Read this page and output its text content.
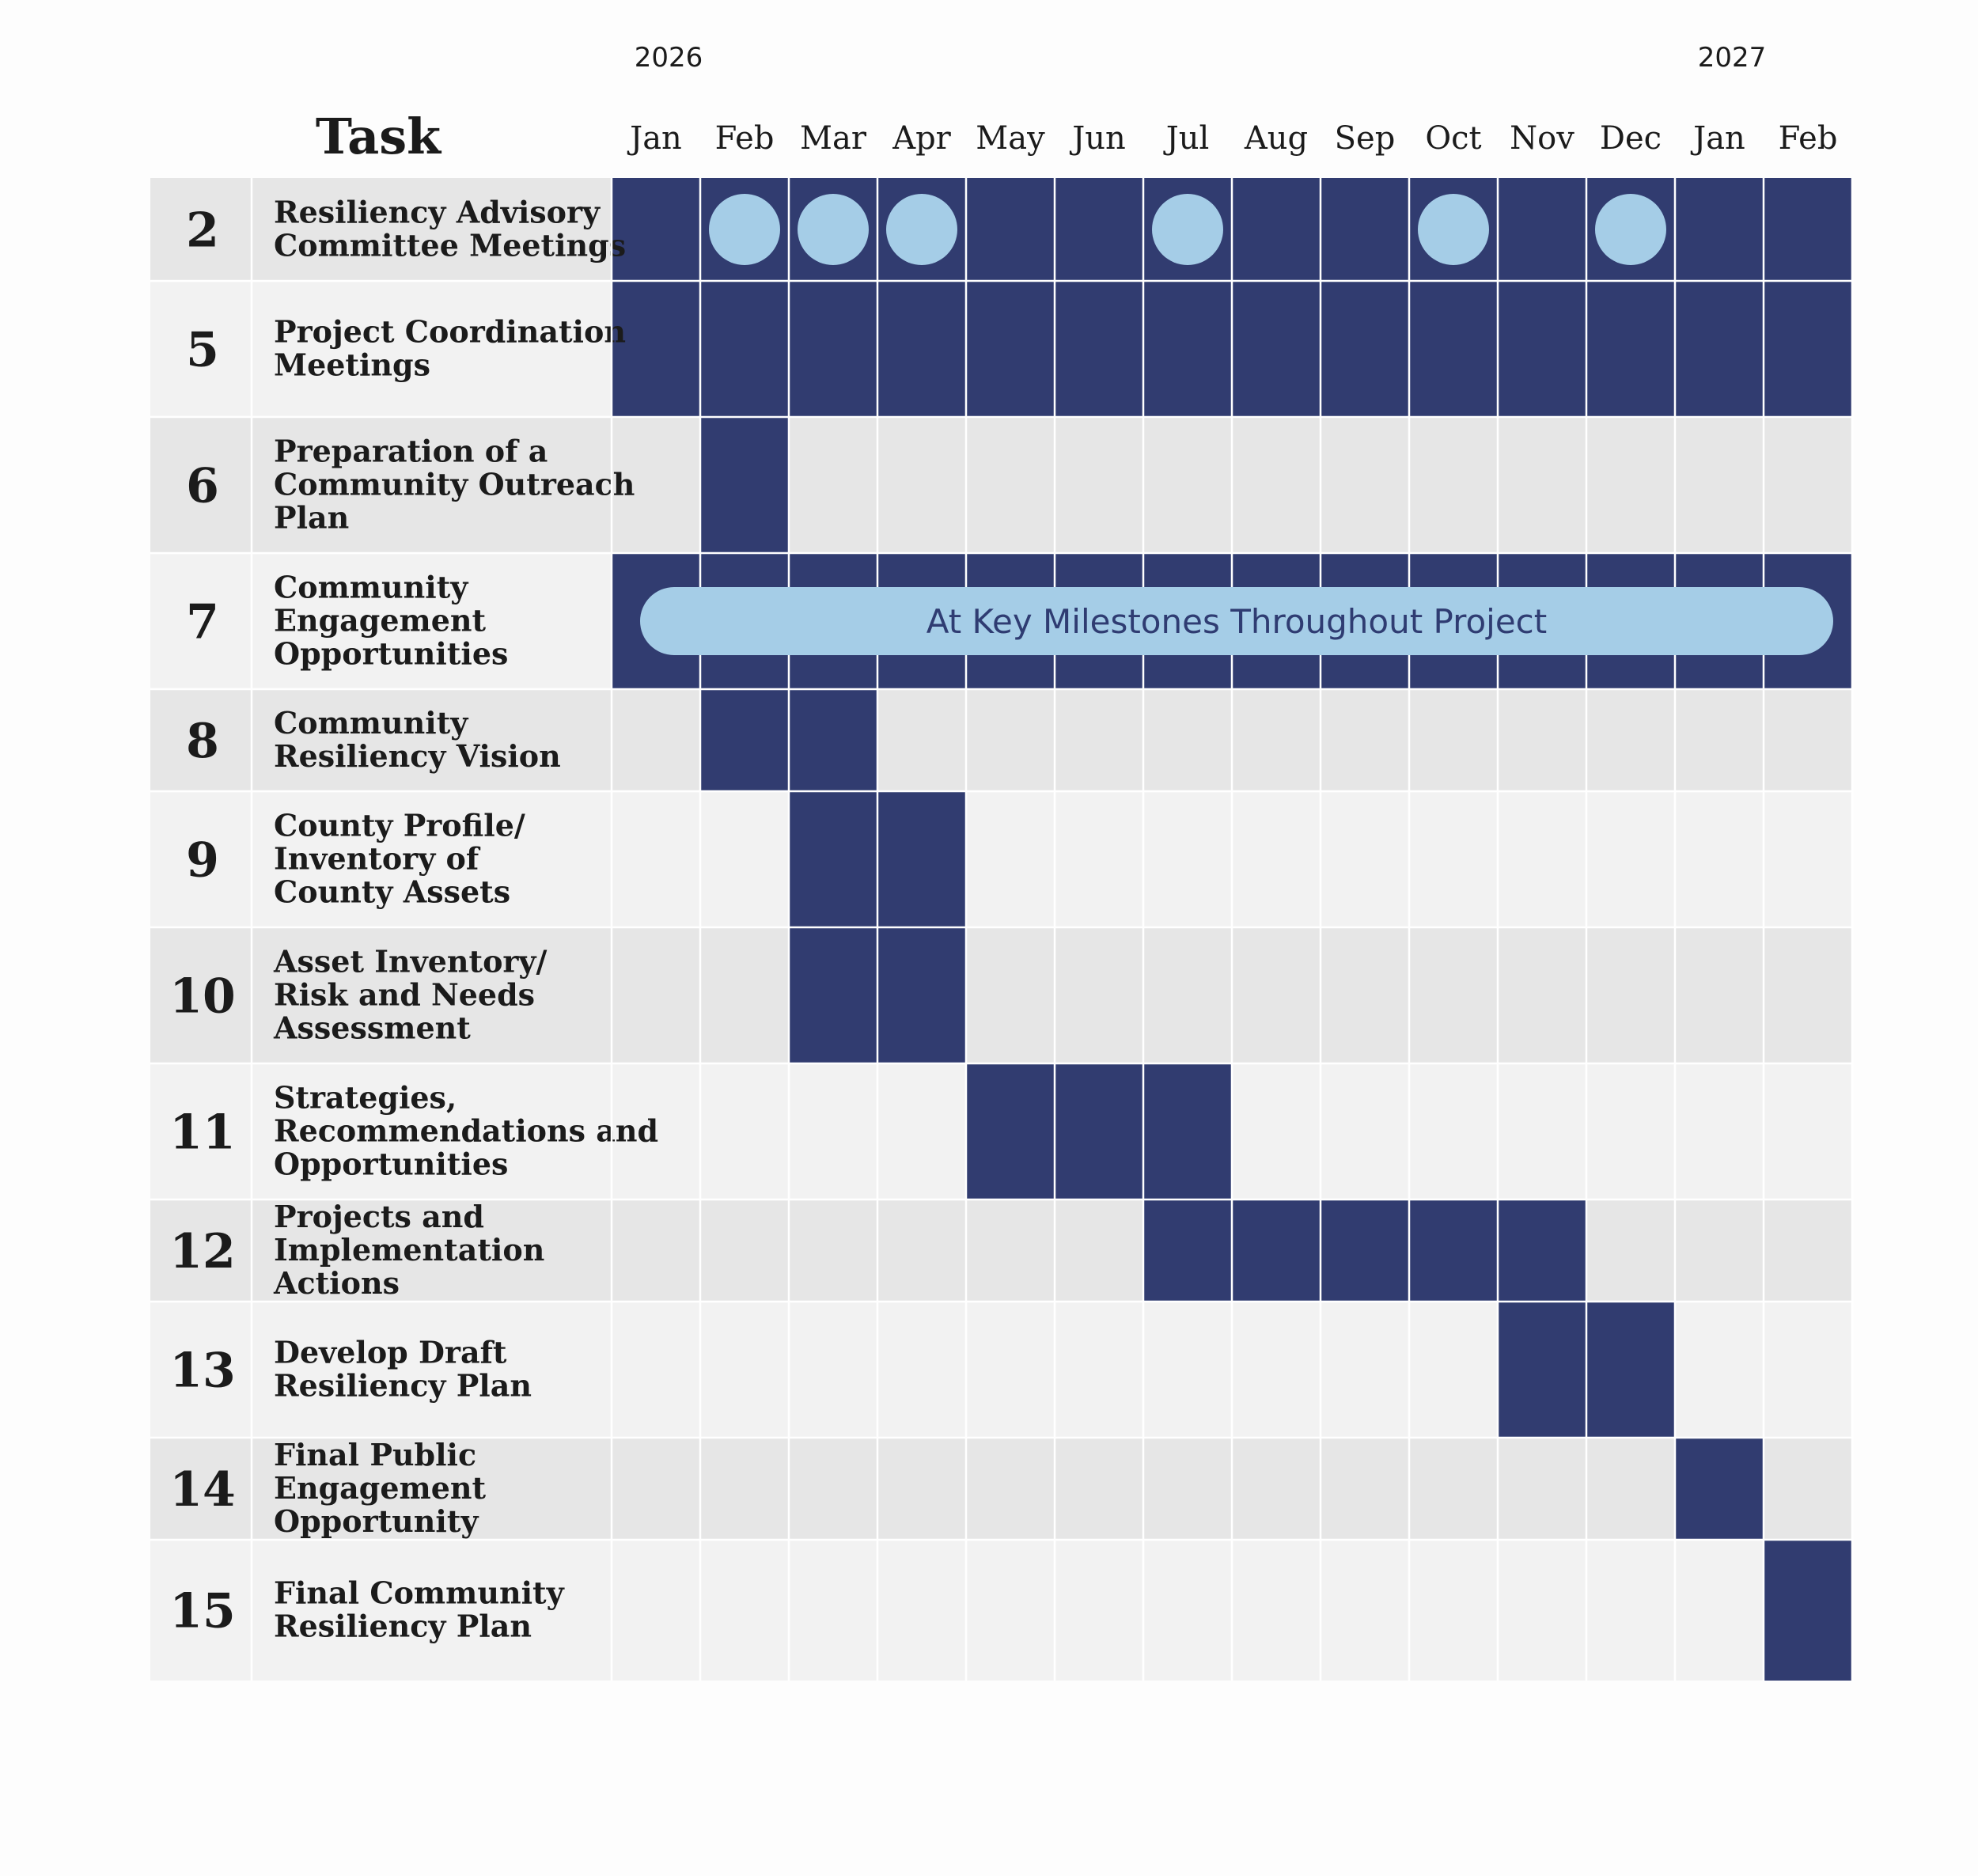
Task
2026	2027
Jan Feb Mar Apr May Jun Jul Aug Sep Oct Nov Dec Jan Feb
2 Resiliency Advisory Committee Meetings
5 Project Coordination Meetings
6
Preparation of a Community Outreach Plan
7
Community Engagement Opportunities
8 Community Resiliency Vision
9
County Profile/ Inventory of County Assets
10
Asset Inventory/ Risk and Needs Assessment
11
Strategies, Recommendations and Opportunities
12
Projects and Implementation Actions
13 Develop Draft Resiliency Plan
14
Final Public Engagement Opportunity
15 Final Community Resiliency Plan
At Key Milestones Throughout Project
